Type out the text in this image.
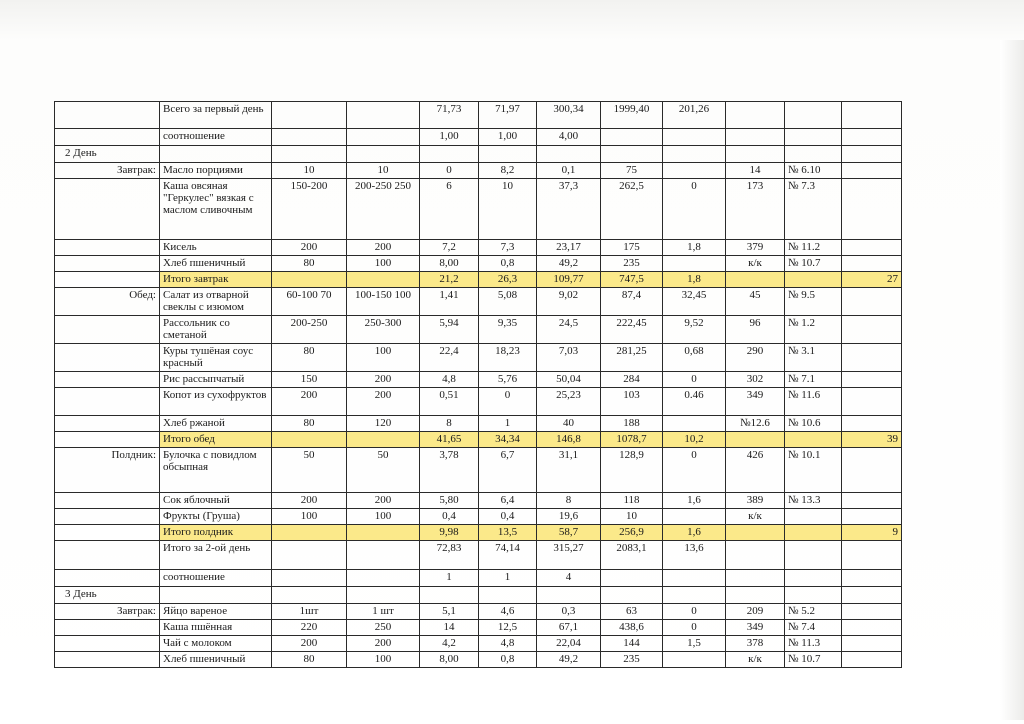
	Всего за первый день			71,73	71,97	300,34	1999,40	201,26			
	соотношение			1,00	1,00	4,00					
2 День											
Завтрак:	Масло порциями	10	10	0	8,2	0,1	75		14	№ 6.10	
	Каша овсяная "Геркулес" вязкая с маслом сливочным	150-200	200-250 250	6	10	37,3	262,5	0	173	№ 7.3	
	Кисель	200	200	7,2	7,3	23,17	175	1,8	379	№ 11.2	
	Хлеб пшеничный	80	100	8,00	0,8	49,2	235		к/к	№ 10.7	
	Итого завтрак			21,2	26,3	109,77	747,5	1,8			27
Обед:	Салат из отварной свеклы с изюмом	60-100 70	100-150 100	1,41	5,08	9,02	87,4	32,45	45	№ 9.5	
	Рассольник со сметаной	200-250	250-300	5,94	9,35	24,5	222,45	9,52	96	№ 1.2	
	Куры тушёная соус красный	80	100	22,4	18,23	7,03	281,25	0,68	290	№ 3.1	
	Рис рассыпчатый	150	200	4,8	5,76	50,04	284	0	302	№ 7.1	
	Копот из сухофруктов	200	200	0,51	0	25,23	103	0.46	349	№ 11.6	
	Хлеб ржаной	80	120	8	1	40	188		№12.6	№ 10.6	
	Итого обед			41,65	34,34	146,8	1078,7	10,2			39
Полдник:	Булочка с повидлом обсыпная	50	50	3,78	6,7	31,1	128,9	0	426	№ 10.1	
	Сок яблочный	200	200	5,80	6,4	8	118	1,6	389	№ 13.3	
	Фрукты (Груша)	100	100	0,4	0,4	19,6	10		к/к		
	Итого полдник			9,98	13,5	58,7	256,9	1,6			9
	Итого за 2-ой день			72,83	74,14	315,27	2083,1	13,6			
	соотношение			1	1	4					
3 День											
Завтрак:	Яйцо вареное	1шт	1 шт	5,1	4,6	0,3	63	0	209	№ 5.2	
	Каша пшённая	220	250	14	12,5	67,1	438,6	0	349	№ 7.4	
	Чай с молоком	200	200	4,2	4,8	22,04	144	1,5	378	№ 11.3	
	Хлеб пшеничный	80	100	8,00	0,8	49,2	235		к/к	№ 10.7	
